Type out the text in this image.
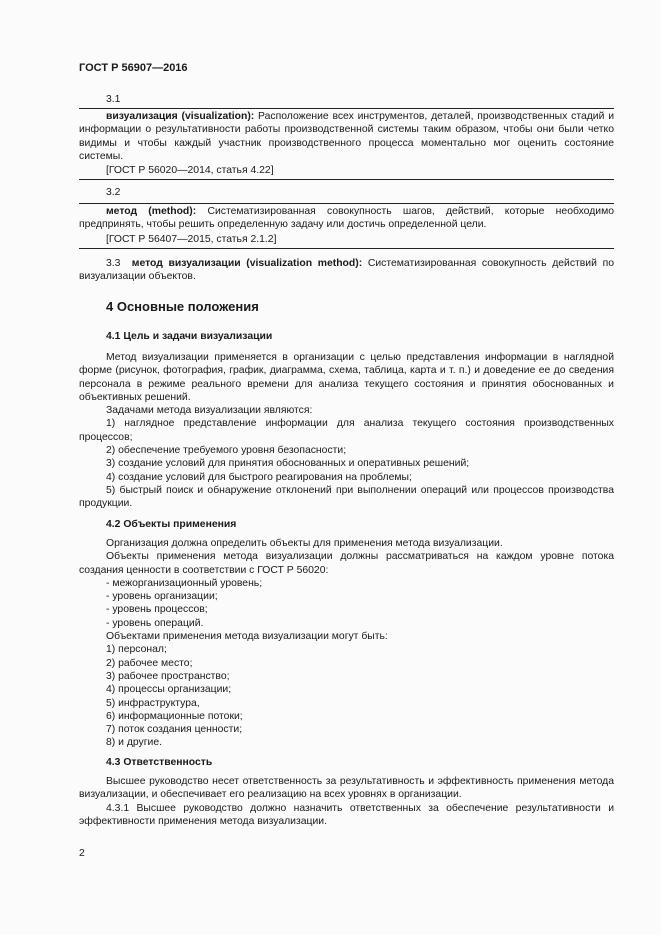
ГОСТ Р 56907—2016
3.1

визуализация (visualization): Расположение всех инструментов, деталей, производственных стадий и информации о результативности работы производственной системы таким образом, чтобы они были четко видимы и чтобы каждый участник производственного процесса моментально мог оценить состояние системы.

[ГОСТ Р 56020—2014, статья 4.22]

3.2

метод (method): Систематизированная совокупность шагов, действий, которые необходимо предпринять, чтобы решить определенную задачу или достичь определенной цели.

[ГОСТ Р 56407—2015, статья 2.1.2]

3.3 метод визуализации (visualization method): Систематизированная совокупность действий по визуализации объектов.

4 Основные положения
4.1 Цель и задачи визуализации

Метод визуализации применяется в организации с целью представления информации в наглядной форме (рисунок, фотография, график, диаграмма, схема, таблица, карта и т. п.) и доведение ее до сведения персонала в режиме реального времени для анализа текущего состояния и принятия обоснованных и объективных решений.

Задачами метода визуализации являются:

1) наглядное представление информации для анализа текущего состояния производственных процессов;

2) обеспечение требуемого уровня безопасности;

3) создание условий для принятия обоснованных и оперативных решений;

4) создание условий для быстрого реагирования на проблемы;

5) быстрый поиск и обнаружение отклонений при выполнении операций или процессов производства продукции.

4.2 Объекты применения

Организация должна определить объекты для применения метода визуализации.

Объекты применения метода визуализации должны рассматриваться на каждом уровне потока создания ценности в соответствии с ГОСТ Р 56020:

- межорганизационный уровень;

- уровень организации;

- уровень процессов;

- уровень операций.

Объектами применения метода визуализации могут быть:

1) персонал;

2) рабочее место;

3) рабочее пространство;

4) процессы организации;

5) инфраструктура,

6) информационные потоки;

7) поток создания ценности;

8) и другие.

4.3 Ответственность

Высшее руководство несет ответственность за результативность и эффективность применения метода визуализации, и обеспечивает его реализацию на всех уровнях в организации.

4.3.1 Высшее руководство должно назначить ответственных за обеспечение результативности и эффективности применения метода визуализации.

2
